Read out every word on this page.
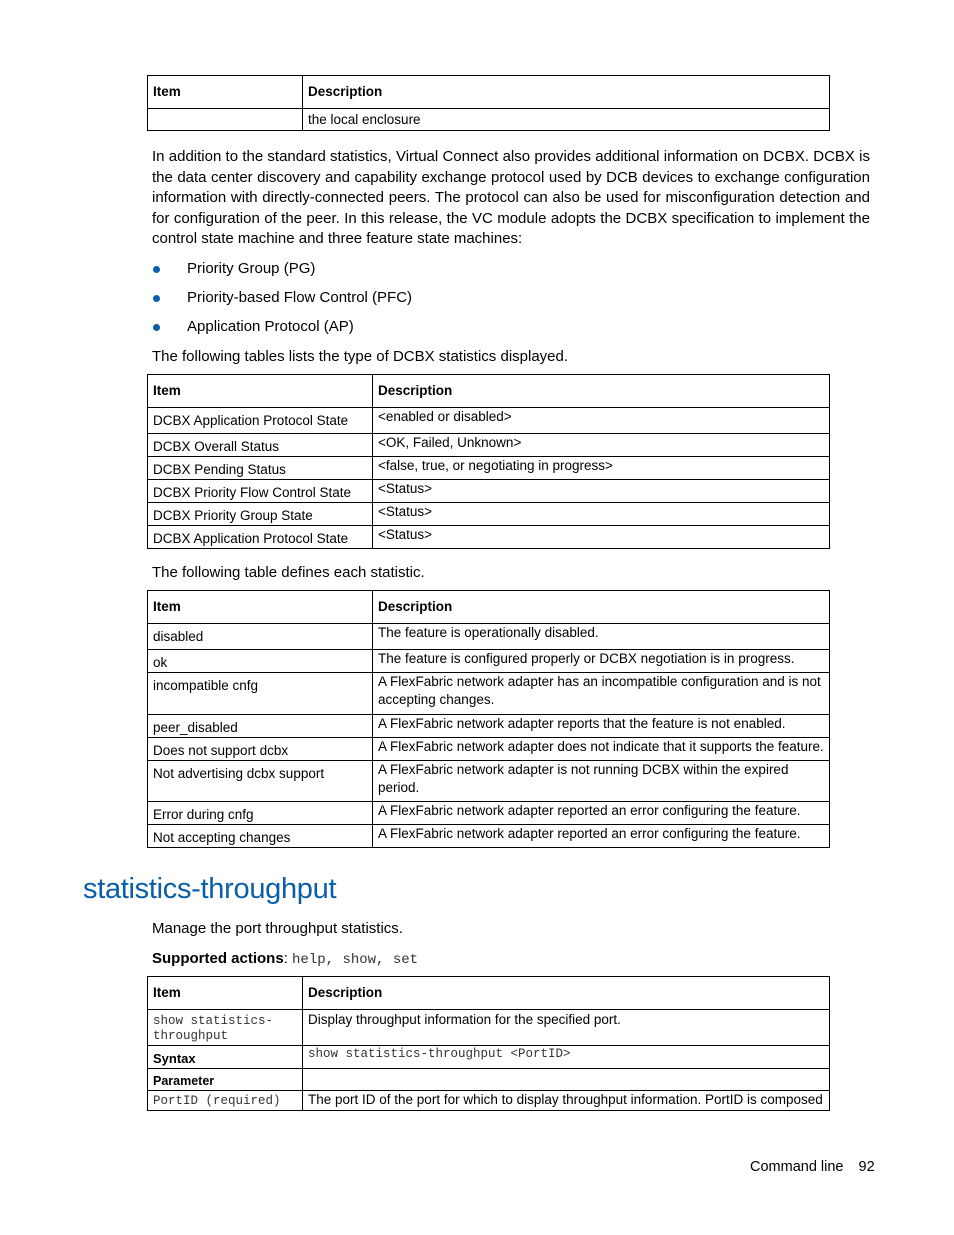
Item	Description
	the local enclosure
In addition to the standard statistics, Virtual Connect also provides additional information on DCBX. DCBX is the data center discovery and capability exchange protocol used by DCB devices to exchange configuration information with directly-connected peers. The protocol can also be used for misconfiguration detection and for configuration of the peer. In this release, the VC module adopts the DCBX specification to implement the control state machine and three feature state machines:
Priority Group (PG)
Priority-based Flow Control (PFC)
Application Protocol (AP)
The following tables lists the type of DCBX statistics displayed.
Item	Description
DCBX Application Protocol State	<enabled or disabled>
DCBX Overall Status	<OK, Failed, Unknown>
DCBX Pending Status	<false, true, or negotiating in progress>
DCBX Priority Flow Control State	<Status>
DCBX Priority Group State	<Status>
DCBX Application Protocol State	<Status>
The following table defines each statistic.
Item	Description
disabled	The feature is operationally disabled.
ok	The feature is configured properly or DCBX negotiation is in progress.
incompatible cnfg	A FlexFabric network adapter has an incompatible configuration and is not accepting changes.
peer_disabled	A FlexFabric network adapter reports that the feature is not enabled.
Does not support dcbx	A FlexFabric network adapter does not indicate that it supports the feature.
Not advertising dcbx support	A FlexFabric network adapter is not running DCBX within the expired period.
Error during cnfg	A FlexFabric network adapter reported an error configuring the feature.
Not accepting changes	A FlexFabric network adapter reported an error configuring the feature.
statistics-throughput
Manage the port throughput statistics.
Supported actions: help, show, set
Item	Description
show statistics-throughput	Display throughput information for the specified port.
Syntax	show statistics-throughput <PortID>
Parameter	
PortID (required)	The port ID of the port for which to display throughput information. PortID is composed
Command line 92
